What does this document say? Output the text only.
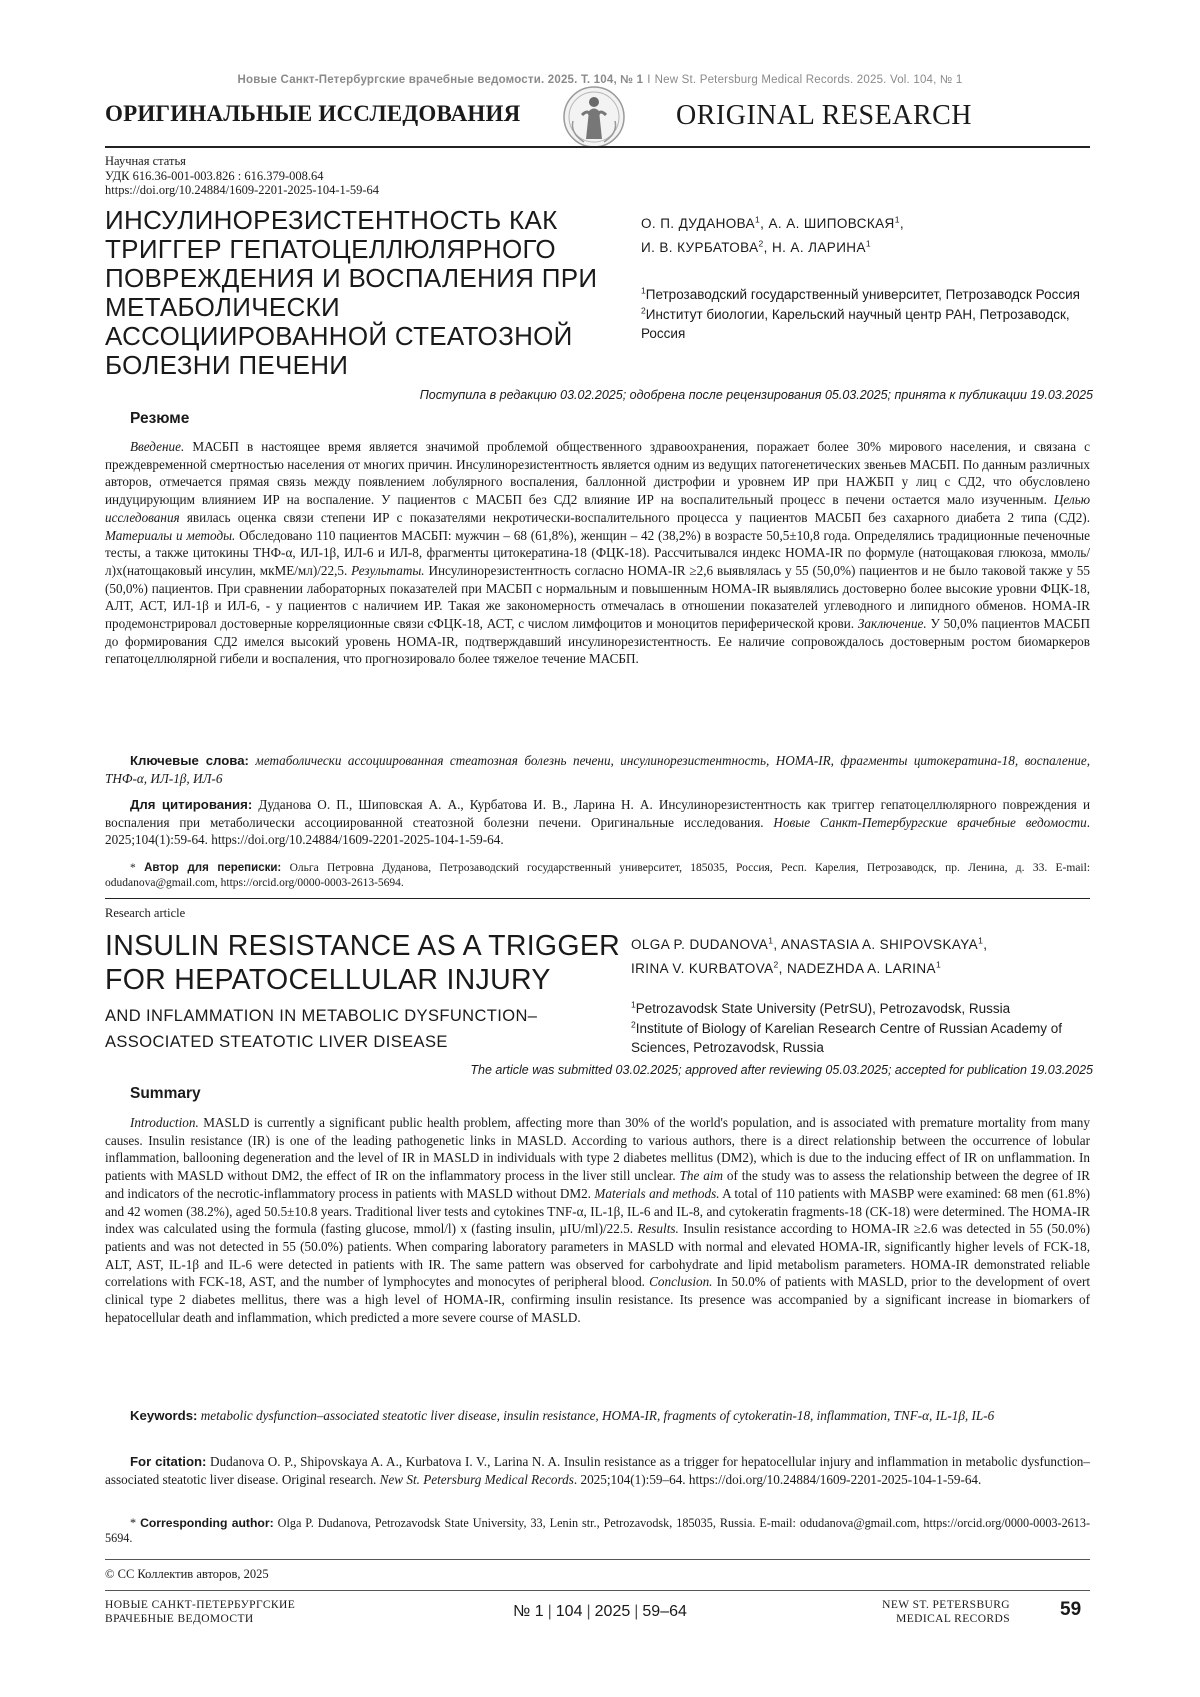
Новые Санкт-Петербургские врачебные ведомости. 2025. Т. 104, № 1 I New St. Petersburg Medical Records. 2025. Vol. 104, № 1
ОРИГИНАЛЬНЫЕ ИССЛЕДОВАНИЯ	ORIGINAL RESEARCH
Научная статья
УДК 616.36-001-003.826 : 616.379-008.64
https://doi.org/10.24884/1609-2201-2025-104-1-59-64
ИНСУЛИНОРЕЗИСТЕНТНОСТЬ КАК ТРИГГЕР ГЕПАТОЦЕЛЛЮЛЯРНОГО ПОВРЕЖДЕНИЯ И ВОСПАЛЕНИЯ ПРИ МЕТАБОЛИЧЕСКИ АССОЦИИРОВАННОЙ СТЕАТОЗНОЙ БОЛЕЗНИ ПЕЧЕНИ
О. П. ДУДАНОВА1, А. А. ШИПОВСКАЯ1,
И. В. КУРБАТОВА2, Н. А. ЛАРИНА1
1Петрозаводский государственный университет, Петрозаводск Россия
2Институт биологии, Карельский научный центр РАН, Петрозаводск, Россия
Поступила в редакцию 03.02.2025; одобрена после рецензирования 05.03.2025; принята к публикации 19.03.2025
Резюме

Введение. МАСБП в настоящее время является значимой проблемой общественного здравоохранения, поражает более 30% мирового населения, и связана с преждевременной смертностью населения от многих причин. Инсулинорезистентность является одним из ведущих патогенетических звеньев МАСБП. По данным различных авторов, отмечается прямая связь между появлением лобулярного воспаления, баллонной дистрофии и уровнем ИР при НАЖБП у лиц с СД2, что обусловлено индуцирующим влиянием ИР на воспаление. У пациентов с МАСБП без СД2 влияние ИР на воспалительный процесс в печени остается мало изученным. Целью исследования явилась оценка связи степени ИР с показателями некротически-воспалительного процесса у пациентов МАСБП без сахарного диабета 2 типа (СД2). Материалы и методы. Обследовано 110 пациентов МАСБП: мужчин – 68 (61,8%), женщин – 42 (38,2%) в возрасте 50,5±10,8 года. Определялись традиционные печеночные тесты, а также цитокины ТНФ-α, ИЛ-1β, ИЛ-6 и ИЛ-8, фрагменты цитокератина-18 (ФЦК-18). Рассчитывался индекс HOMA-IR по формуле (натощаковая глюкоза, ммоль/л)х(натощаковый инсулин, мкМЕ/мл)/22,5. Результаты. Инсулинорезистентность согласно HOMA-IR ≥2,6 выявлялась у 55 (50,0%) пациентов и не было таковой также у 55 (50,0%) пациентов. При сравнении лабораторных показателей при МАСБП с нормальным и повышенным HOMA-IR выявлялись достоверно более высокие уровни ФЦК-18, АЛТ, АСТ, ИЛ-1β и ИЛ-6, - у пациентов с наличием ИР. Такая же закономерность отмечалась в отношении показателей углеводного и липидного обменов. HOMA-IR продемонстрировал достоверные корреляционные связи сФЦК-18, АСТ, с числом лимфоцитов и моноцитов периферической крови. Заключение. У 50,0% пациентов МАСБП до формирования СД2 имелся высокий уровень HOMA-IR, подтверждавший инсулинорезистентность. Ее наличие сопровождалось достоверным ростом биомаркеров гепатоцеллюлярной гибели и воспаления, что прогнозировало более тяжелое течение МАСБП.

Ключевые слова: метаболически ассоциированная стеатозная болезнь печени, инсулинорезистентность, HOMA-IR, фрагменты цитокератина-18, воспаление, ТНФ-α, ИЛ-1β, ИЛ-6

Для цитирования: Дуданова О. П., Шиповская А. А., Курбатова И. В., Ларина Н. А. Инсулинорезистентность как триггер гепатоцеллюлярного повреждения и воспаления при метаболически ассоциированной стеатозной болезни печени. Оригинальные исследования. Новые Санкт-Петербургские врачебные ведомости. 2025;104(1):59-64. https://doi.org/10.24884/1609-2201-2025-104-1-59-64.

* Автор для переписки: Ольга Петровна Дуданова, Петрозаводский государственный университет, 185035, Россия, Респ. Карелия, Петрозаводск, пр. Ленина, д. 33. E-mail: odudanova@gmail.com, https://orcid.org/0000-0003-2613-5694.

Research article
INSULIN RESISTANCE AS A TRIGGER FOR HEPATOCELLULAR INJURY
AND INFLAMMATION IN METABOLIC DYSFUNCTION–ASSOCIATED STEATOTIC LIVER DISEASE
OLGA P. DUDANOVA1, ANASTASIA A. SHIPOVSKAYA1,
IRINA V. KURBATOVA2, NADEZHDA A. LARINA1
1Petrozavodsk State University (PetrSU), Petrozavodsk, Russia
2Institute of Biology of Karelian Research Centre of Russian Academy of Sciences, Petrozavodsk, Russia
The article was submitted 03.02.2025; approved after reviewing 05.03.2025; accepted for publication 19.03.2025
Summary

Introduction. MASLD is currently a significant public health problem, affecting more than 30% of the world's population, and is associated with premature mortality from many causes. Insulin resistance (IR) is one of the leading pathogenetic links in MASLD. According to various authors, there is a direct relationship between the occurrence of lobular inflammation, ballooning degeneration and the level of IR in MASLD in individuals with type 2 diabetes mellitus (DM2), which is due to the inducing effect of IR on unflammation. In patients with MASLD without DM2, the effect of IR on the inflammatory process in the liver still unclear. The aim of the study was to assess the relationship between the degree of IR and indicators of the necrotic-inflammatory process in patients with MASLD without DM2. Materials and methods. A total of 110 patients with MASBP were examined: 68 men (61.8%) and 42 women (38.2%), aged 50.5±10.8 years. Traditional liver tests and cytokines TNF-α, IL-1β, IL-6 and IL-8, and cytokeratin fragments-18 (CK-18) were determined. The HOMA-IR index was calculated using the formula (fasting glucose, mmol/l) x (fasting insulin, µIU/ml)/22.5. Results. Insulin resistance according to HOMA-IR ≥2.6 was detected in 55 (50.0%) patients and was not detected in 55 (50.0%) patients. When comparing laboratory parameters in MASLD with normal and elevated HOMA-IR, significantly higher levels of FCK-18, ALT, AST, IL-1β and IL-6 were detected in patients with IR. The same pattern was observed for carbohydrate and lipid metabolism parameters. HOMA-IR demonstrated reliable correlations with FCK-18, AST, and the number of lymphocytes and monocytes of peripheral blood. Conclusion. In 50.0% of patients with MASLD, prior to the development of overt clinical type 2 diabetes mellitus, there was a high level of HOMA-IR, confirming insulin resistance. Its presence was accompanied by a significant increase in biomarkers of hepatocellular death and inflammation, which predicted a more severe course of MASLD.

Keywords: metabolic dysfunction–associated steatotic liver disease, insulin resistance, HOMA-IR, fragments of cytokeratin-18, inflammation, TNF-α, IL-1β, IL-6

For citation: Dudanova O. P., Shipovskaya A. A., Kurbatova I. V., Larina N. A. Insulin resistance as a trigger for hepatocellular injury and inflammation in metabolic dysfunction–associated steatotic liver disease. Original research. New St. Petersburg Medical Records. 2025;104(1):59–64. https://doi.org/10.24884/1609-2201-2025-104-1-59-64.

* Corresponding author: Olga P. Dudanova, Petrozavodsk State University, 33, Lenin str., Petrozavodsk, 185035, Russia. E-mail: odudanova@gmail.com, https://orcid.org/0000-0003-2613-5694.

© СС Коллектив авторов, 2025
НОВЫЕ САНКТ-ПЕТЕРБУРГСКИЕ
ВРАЧЕБНЫЕ ВЕДОМОСТИ	№ 1 | 104 | 2025 | 59–64	NEW ST. PETERSBURG
MEDICAL RECORDS	59
